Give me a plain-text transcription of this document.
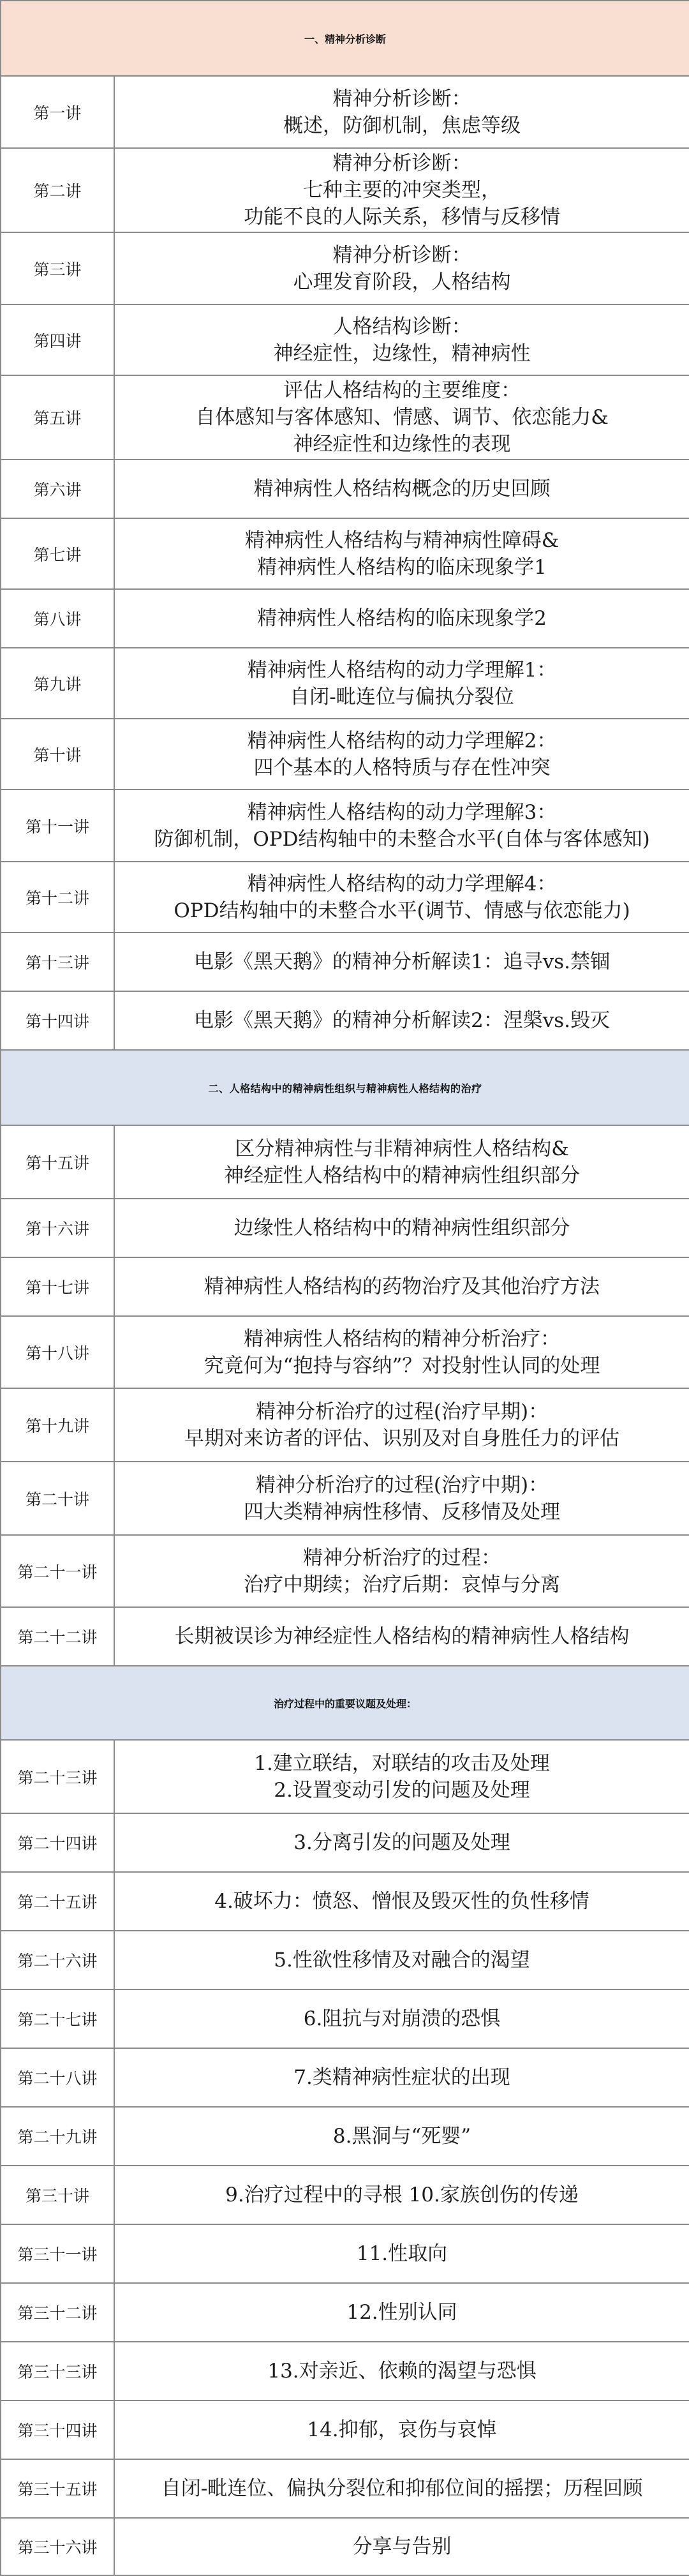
一、精神分析诊断	
第一讲	精神分析诊断：
概述，防御机制，焦虑等级

第二讲	精神分析诊断：
七种主要的冲突类型，
功能不良的人际关系，移情与反移情

第三讲	精神分析诊断：
心理发育阶段，人格结构

第四讲	人格结构诊断：
神经症性，边缘性，精神病性

第五讲	评估人格结构的主要维度：
自体感知与客体感知、情感、调节、依恋能力&
神经症性和边缘性的表现

第六讲	精神病性人格结构概念的历史回顾

第七讲	精神病性人格结构与精神病性障碍&
精神病性人格结构的临床现象学1

第八讲	精神病性人格结构的临床现象学2

第九讲	精神病性人格结构的动力学理解1：
自闭-毗连位与偏执分裂位

第十讲	精神病性人格结构的动力学理解2：
四个基本的人格特质与存在性冲突

第十一讲	精神病性人格结构的动力学理解3：
防御机制，OPD结构轴中的未整合水平(自体与客体感知)

第十二讲	精神病性人格结构的动力学理解4：
OPD结构轴中的未整合水平(调节、情感与依恋能力)

第十三讲	电影《黑天鹅》的精神分析解读1：追寻vs.禁锢

第十四讲	电影《黑天鹅》的精神分析解读2：涅槃vs.毁灭

二、人格结构中的精神病性组织与精神病性人格结构的治疗	
第十五讲	区分精神病性与非精神病性人格结构&
神经症性人格结构中的精神病性组织部分

第十六讲	边缘性人格结构中的精神病性组织部分

第十七讲	精神病性人格结构的药物治疗及其他治疗方法

第十八讲	精神病性人格结构的精神分析治疗：
究竟何为“抱持与容纳”？对投射性认同的处理

第十九讲	精神分析治疗的过程(治疗早期)：
早期对来访者的评估、识别及对自身胜任力的评估

第二十讲	精神分析治疗的过程(治疗中期)：
四大类精神病性移情、反移情及处理

第二十一讲	精神分析治疗的过程：
治疗中期续；治疗后期：哀悼与分离

第二十二讲	长期被误诊为神经症性人格结构的精神病性人格结构

治疗过程中的重要议题及处理：	
第二十三讲	1.建立联结，对联结的攻击及处理
2.设置变动引发的问题及处理

第二十四讲	3.分离引发的问题及处理

第二十五讲	4.破坏力：愤怒、憎恨及毁灭性的负性移情

第二十六讲	5.性欲性移情及对融合的渴望

第二十七讲	6.阻抗与对崩溃的恐惧

第二十八讲	7.类精神病性症状的出现

第二十九讲	8.黑洞与“死婴”

第三十讲	9.治疗过程中的寻根 10.家族创伤的传递

第三十一讲	11.性取向

第三十二讲	12.性别认同

第三十三讲	13.对亲近、依赖的渴望与恐惧

第三十四讲	14.抑郁，哀伤与哀悼

第三十五讲	自闭-毗连位、偏执分裂位和抑郁位间的摇摆；历程回顾

第三十六讲	分享与告别
